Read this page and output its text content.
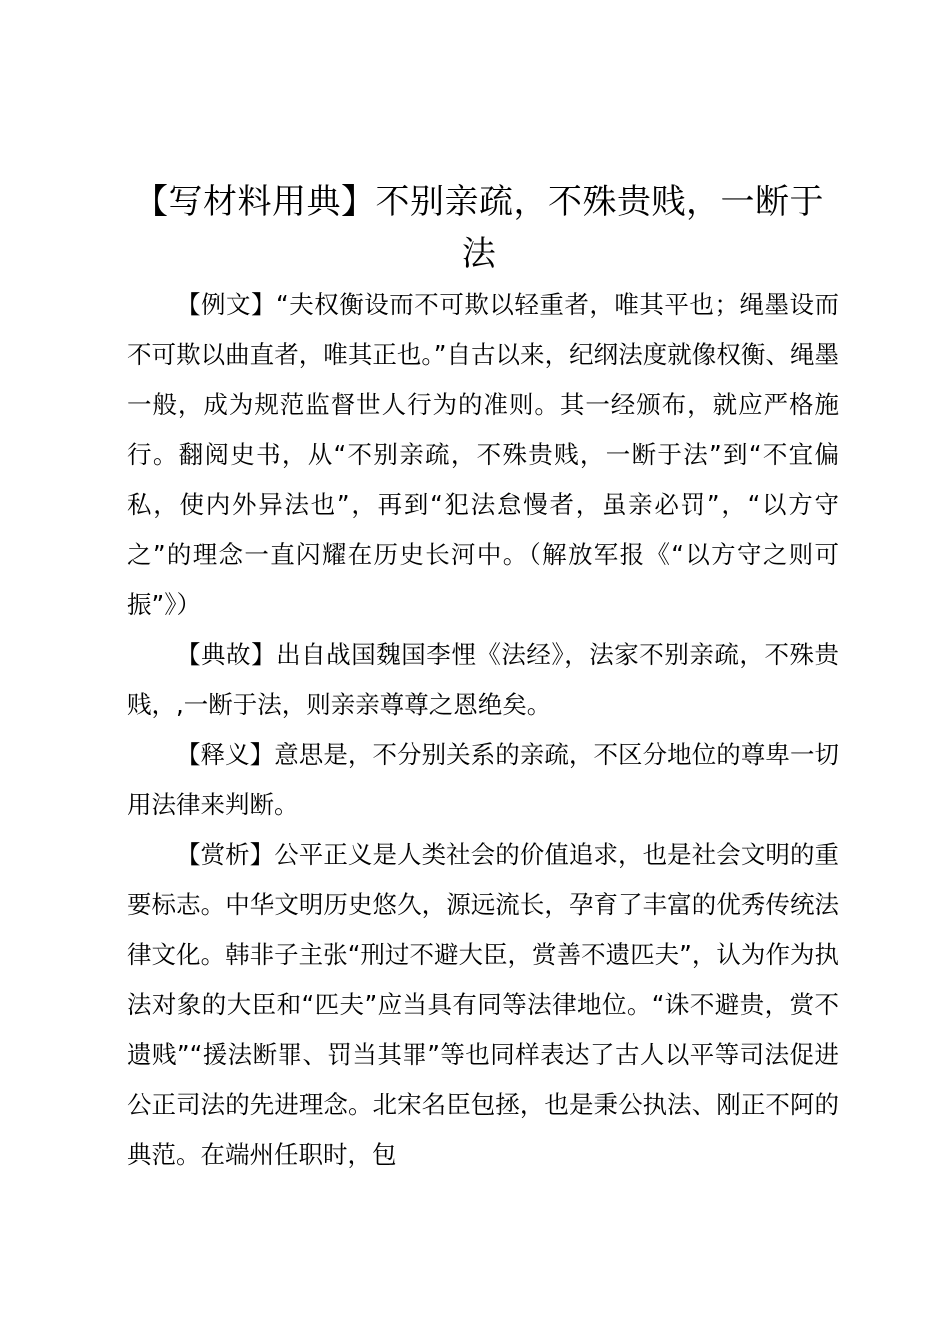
【写材料用典】不别亲疏，不殊贵贱，一断于法

【例文】“夫权衡设而不可欺以轻重者，唯其平也；绳墨设而不可欺以曲直者，唯其正也。”自古以来，纪纲法度就像权衡、绳墨一般，成为规范监督世人行为的准则。其一经颁布，就应严格施行。翻阅史书，从“不别亲疏，不殊贵贱，一断于法”到“不宜偏私，使内外异法也”，再到“犯法怠慢者，虽亲必罚”，“以方守之”的理念一直闪耀在历史长河中。（解放军报《“以方守之则可振”》）

【典故】出自战国魏国李悝《法经》，法家不别亲疏，不殊贵贱，,一断于法，则亲亲尊尊之恩绝矣。

【释义】意思是，不分别关系的亲疏，不区分地位的尊卑一切用法律来判断。

【赏析】公平正义是人类社会的价值追求，也是社会文明的重要标志。中华文明历史悠久，源远流长，孕育了丰富的优秀传统法律文化。韩非子主张“刑过不避大臣，赏善不遗匹夫”，认为作为执法对象的大臣和“匹夫”应当具有同等法律地位。“诛不避贵，赏不遗贱”“援法断罪、罚当其罪”等也同样表达了古人以平等司法促进公正司法的先进理念。北宋名臣包拯，也是秉公执法、刚正不阿的典范。在端州任职时，包
